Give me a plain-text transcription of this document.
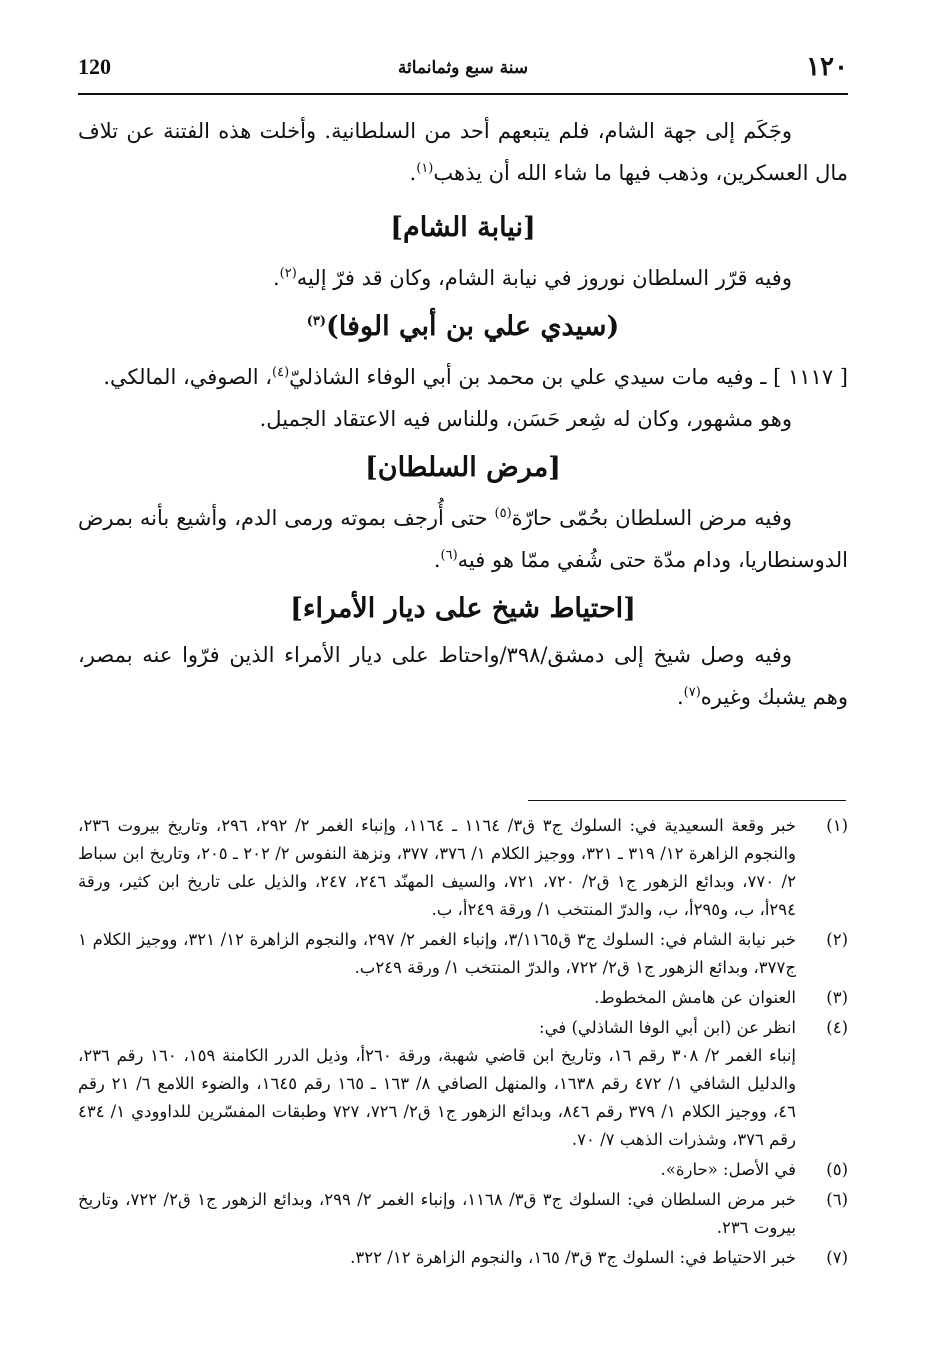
١٢٠
سنة سبع وثمانمائة
120

وجَكَم إلى جهة الشام، فلم يتبعهم أحد من السلطانية. وأخلت هذه الفتنة عن تلاف مال العسكرين، وذهب فيها ما شاء الله أن يذهب$^{(١)}$.

[نيابة الشام]

وفيه قرّر السلطان نوروز في نيابة الشام، وكان قد فرّ إليه$^{(٢)}$.

(سيدي علي بن أبي الوفا)$^{(٣)}$

[ ١١١٧ ] ـ وفيه مات سيدي علي بن محمد بن أبي الوفاء الشاذليّ$^{(٤)}$، الصوفي، المالكي.

وهو مشهور، وكان له شِعر حَسَن، وللناس فيه الاعتقاد الجميل.

[مرض السلطان]

وفيه مرض السلطان بحُمّى حارّة$^{(٥)}$ حتى أُرجف بموته ورمى الدم، وأشيع بأنه بمرض الدوسنطاريا، ودام مدّة حتى شُفي ممّا هو فيه$^{(٦)}$.

[احتياط شيخ على ديار الأمراء]

وفيه وصل شيخ إلى دمشق/٣٩٨/واحتاط على ديار الأمراء الذين فرّوا عنه بمصر، وهم يشبك وغيره$^{(٧)}$.

(١)
خبر وقعة السعيدية في: السلوك ج٣ ق٣/ ١١٦٤ ـ ١١٦٤، وإنباء الغمر ٢/ ٢٩٢، ٢٩٦، وتاريخ بيروت ٢٣٦، والنجوم الزاهرة ١٢/ ٣١٩ ـ ٣٢١، ووجيز الكلام ١/ ٣٧٦، ٣٧٧، ونزهة النفوس ٢/ ٢٠٢ ـ ٢٠٥، وتاريخ ابن سباط ٢/ ٧٧٠، وبدائع الزهور ج١ ق٢/ ٧٢٠، ٧٢١، والسيف المهنّد ٢٤٦، ٢٤٧، والذيل على تاريخ ابن كثير، ورقة ٢٩٤أ، ب، و٢٩٥أ، ب، والدرّ المنتخب ١/ ورقة ٢٤٩أ، ب.

(٢)
خبر نيابة الشام في: السلوك ج٣ ق٣/١١٦٥، وإنباء الغمر ٢/ ٢٩٧، والنجوم الزاهرة ١٢/ ٣٢١، ووجيز الكلام ١ ج٣٧٧، وبدائع الزهور ج١ ق٢/ ٧٢٢، والدرّ المنتخب ١/ ورقة ٢٤٩ب.

(٣)
العنوان عن هامش المخطوط.

(٤)
انظر عن (ابن أبي الوفا الشاذلي) في:
إنباء الغمر ٢/ ٣٠٨ رقم ١٦، وتاريخ ابن قاضي شهبة، ورقة ٢٦٠أ، وذيل الدرر الكامنة ١٥٩، ١٦٠ رقم ٢٣٦، والدليل الشافي ١/ ٤٧٢ رقم ١٦٣٨، والمنهل الصافي ٨/ ١٦٣ ـ ١٦٥ رقم ١٦٤٥، والضوء اللامع ٦/ ٢١ رقم ٤٦، ووجيز الكلام ١/ ٣٧٩ رقم ٨٤٦، وبدائع الزهور ج١ ق٢/ ٧٢٦، ٧٢٧ وطبقات المفسّرين للداوودي ١/ ٤٣٤ رقم ٣٧٦، وشذرات الذهب ٧/ ٧٠.

(٥)
في الأصل: «حارة».

(٦)
خبر مرض السلطان في: السلوك ج٣ ق٣/ ١١٦٨، وإنباء الغمر ٢/ ٢٩٩، وبدائع الزهور ج١ ق٢/ ٧٢٢، وتاريخ بيروت ٢٣٦.

(٧)
خبر الاحتياط في: السلوك ج٣ ق٣/ ١٦٥، والنجوم الزاهرة ١٢/ ٣٢٢.
